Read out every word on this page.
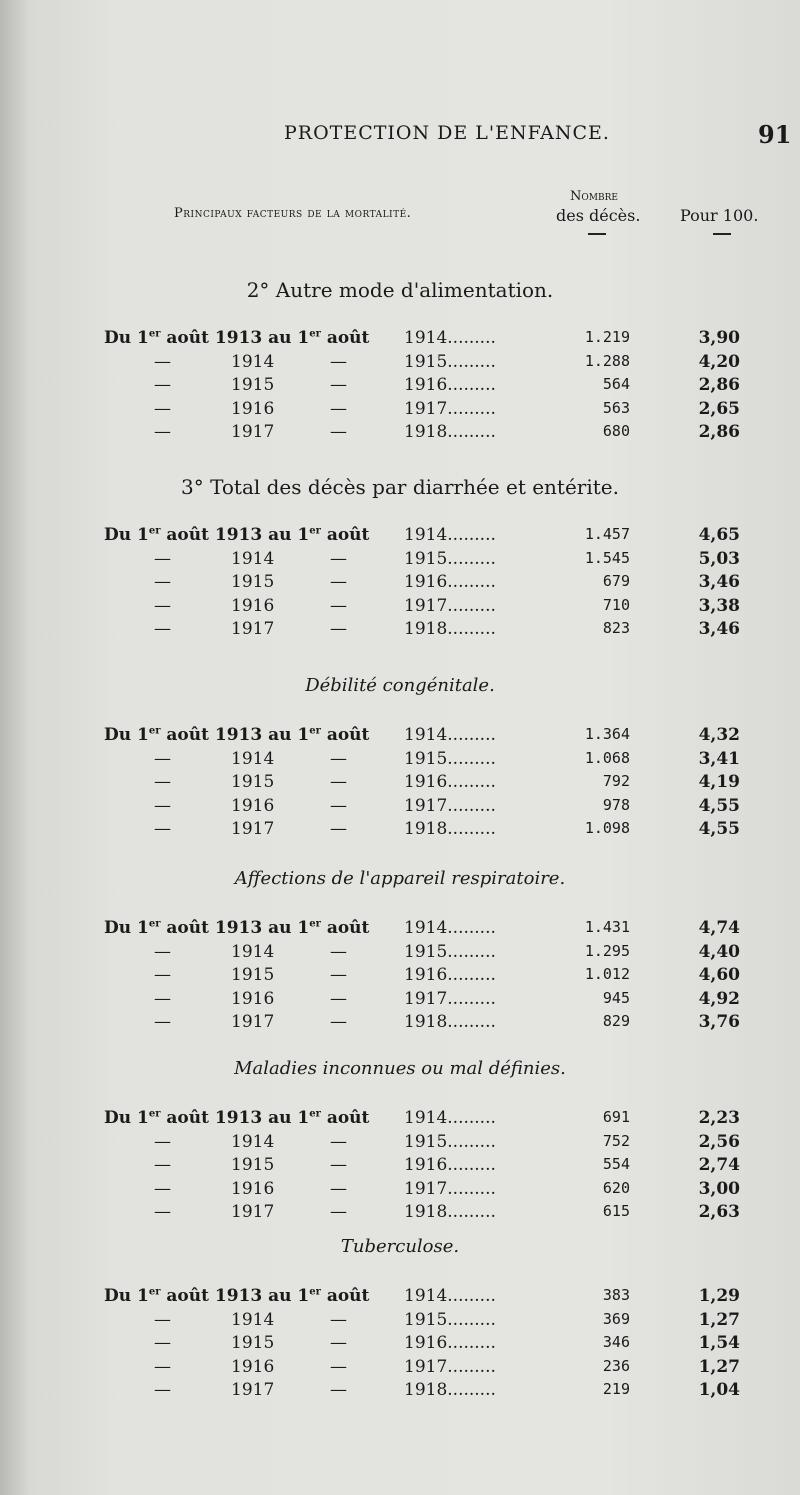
PROTECTION DE L'ENFANCE.	91
Principaux facteurs de la mortalité.
Nombre
des décès. Pour 100.
2° Autre mode d'alimentation.
Du 1er août 1913 au 1er août 1914.........	1.219	3,90
—	1914	—	1915.........	1.288	4,20
—	1915	—	1916.........	564	2,86
—	1916	—	1917.........	563	2,65
—	1917	—	1918.........	680	2,86
3° Total des décès par diarrhée et entérite.
Du 1er août 1913 au 1er août 1914.........	1.457	4,65
—	1914	—	1915.........	1.545	5,03
—	1915	—	1916.........	679	3,46
—	1916	—	1917.........	710	3,38
—	1917	—	1918.........	823	3,46
Débilité congénitale.
Du 1er août 1913 au 1er août 1914.........	1.364	4,32
—	1914	—	1915.........	1.068	3,41
—	1915	—	1916.........	792	4,19
—	1916	—	1917.........	978	4,55
—	1917	—	1918.........	1.098	4,55
Affections de l'appareil respiratoire.
Du 1er août 1913 au 1er août 1914.........	1.431	4,74
—	1914	—	1915.........	1.295	4,40
—	1915	—	1916.........	1.012	4,60
—	1916	—	1917.........	945	4,92
—	1917	—	1918.........	829	3,76
Maladies inconnues ou mal définies.
Du 1er août 1913 au 1er août 1914.........	691	2,23
—	1914	—	1915.........	752	2,56
—	1915	—	1916.........	554	2,74
—	1916	—	1917.........	620	3,00
—	1917	—	1918.........	615	2,63
Tuberculose.
Du 1er août 1913 au 1er août 1914.........	383	1,29
—	1914	—	1915.........	369	1,27
—	1915	—	1916.........	346	1,54
—	1916	—	1917.........	236	1,27
—	1917	—	1918.........	219	1,04
